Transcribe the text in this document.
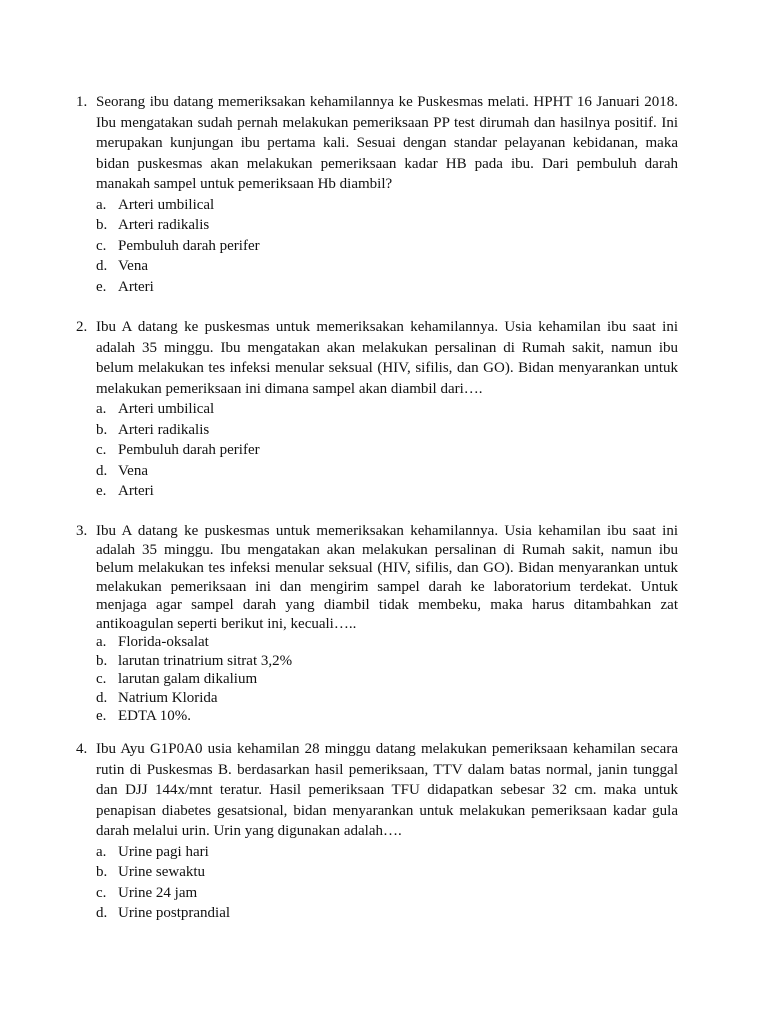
1. Seorang ibu datang memeriksakan kehamilannya ke Puskesmas melati. HPHT 16 Januari 2018. Ibu mengatakan sudah pernah melakukan pemeriksaan PP test dirumah dan hasilnya positif. Ini merupakan kunjungan ibu pertama kali. Sesuai dengan standar pelayanan kebidanan, maka bidan puskesmas akan melakukan pemeriksaan kadar HB pada ibu. Dari pembuluh darah manakah sampel untuk pemeriksaan Hb diambil?
a. Arteri umbilical
b. Arteri radikalis
c. Pembuluh darah perifer
d. Vena
e. Arteri
2. Ibu A datang ke puskesmas untuk memeriksakan kehamilannya. Usia kehamilan ibu saat ini adalah 35 minggu. Ibu mengatakan akan melakukan persalinan di Rumah sakit, namun ibu belum melakukan tes infeksi menular seksual (HIV, sifilis, dan GO). Bidan menyarankan untuk melakukan pemeriksaan ini dimana sampel akan diambil dari….
a. Arteri umbilical
b. Arteri radikalis
c. Pembuluh darah perifer
d. Vena
e. Arteri
3. Ibu A datang ke puskesmas untuk memeriksakan kehamilannya. Usia kehamilan ibu saat ini adalah 35 minggu. Ibu mengatakan akan melakukan persalinan di Rumah sakit, namun ibu belum melakukan tes infeksi menular seksual (HIV, sifilis, dan GO). Bidan menyarankan untuk melakukan pemeriksaan ini dan mengirim sampel darah ke laboratorium terdekat. Untuk menjaga agar sampel darah yang diambil tidak membeku, maka harus ditambahkan zat antikoagulan seperti berikut ini, kecuali…..
a. Florida-oksalat
b. larutan trinatrium sitrat 3,2%
c. larutan galam dikalium
d. Natrium Klorida
e. EDTA 10%.
4. Ibu Ayu G1P0A0 usia kehamilan 28 minggu datang melakukan pemeriksaan kehamilan secara rutin di Puskesmas B. berdasarkan hasil pemeriksaan, TTV dalam batas normal, janin tunggal dan DJJ 144x/mnt teratur. Hasil pemeriksaan TFU didapatkan sebesar 32 cm. maka untuk penapisan diabetes gesatsional, bidan menyarankan untuk melakukan pemeriksaan kadar gula darah melalui urin. Urin yang digunakan adalah….
a. Urine pagi hari
b. Urine sewaktu
c. Urine 24 jam
d. Urine postprandial
